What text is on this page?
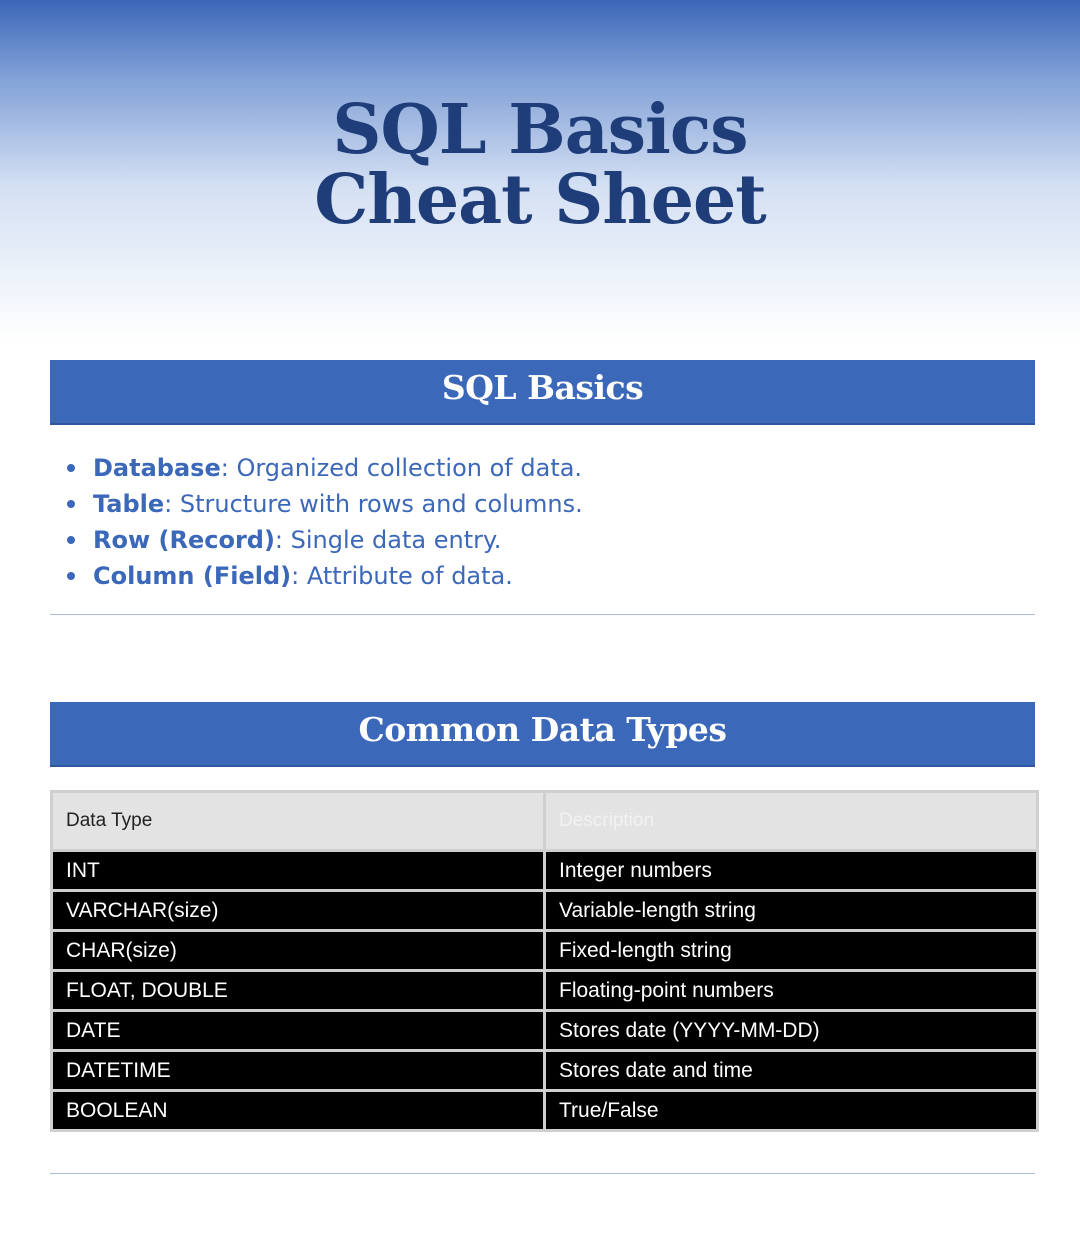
SQL Basics
Cheat Sheet
SQL Basics
Database: Organized collection of data.
Table: Structure with rows and columns.
Row (Record): Single data entry.
Column (Field): Attribute of data.
Common Data Types
Data Type	Description
INT	Integer numbers
VARCHAR(size)	Variable-length string
CHAR(size)	Fixed-length string
FLOAT, DOUBLE	Floating-point numbers
DATE	Stores date (YYYY-MM-DD)
DATETIME	Stores date and time
BOOLEAN	True/False
